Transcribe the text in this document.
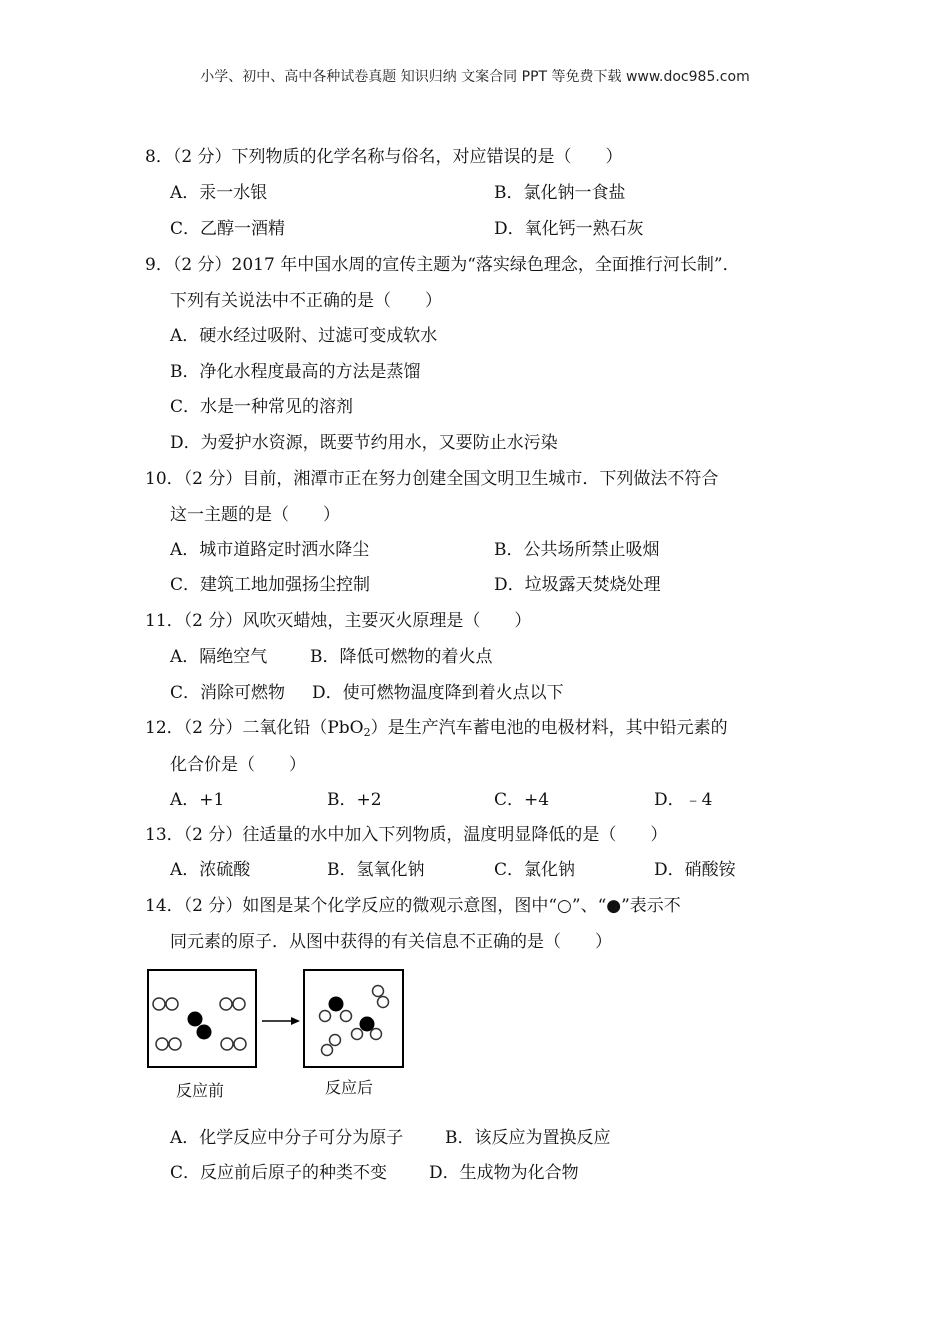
小学、初中、高中各种试卷真题 知识归纳 文案合同 PPT 等免费下载 www.doc985.com
8．（2 分）下列物质的化学名称与俗名，对应错误的是（　　）
A．汞一水银	B．氯化钠一食盐
C．乙醇一酒精	D．氧化钙一熟石灰
9．（2 分）2017 年中国水周的宣传主题为“落实绿色理念，全面推行河长制”．
下列有关说法中不正确的是（　　）
A．硬水经过吸附、过滤可变成软水
B．净化水程度最高的方法是蒸馏
C．水是一种常见的溶剂
D．为爱护水资源，既要节约用水，又要防止水污染
10．（2 分）目前，湘潭市正在努力创建全国文明卫生城市．下列做法不符合
这一主题的是（　　）
A．城市道路定时洒水降尘	B．公共场所禁止吸烟
C．建筑工地加强扬尘控制	D．垃圾露天焚烧处理
11．（2 分）风吹灭蜡烛，主要灭火原理是（　　）
A．隔绝空气	B．降低可燃物的着火点
C．消除可燃物 D．使可燃物温度降到着火点以下
12．（2 分）二氧化铅（PbO$_2$）是生产汽车蓄电池的电极材料，其中铅元素的
化合价是（　　）
A．+1	B．+2	C．+4	D．﹣4
13．（2 分）往适量的水中加入下列物质，温度明显降低的是（　　）
A．浓硫酸	B．氢氧化钠	C．氯化钠	D．硝酸铵
14．（2 分）如图是某个化学反应的微观示意图，图中“○”、“●”表示不
同元素的原子．从图中获得的有关信息不正确的是（　　）
反应前	反应后
A．化学反应中分子可分为原子 B．该反应为置换反应
C．反应前后原子的种类不变 D．生成物为化合物
